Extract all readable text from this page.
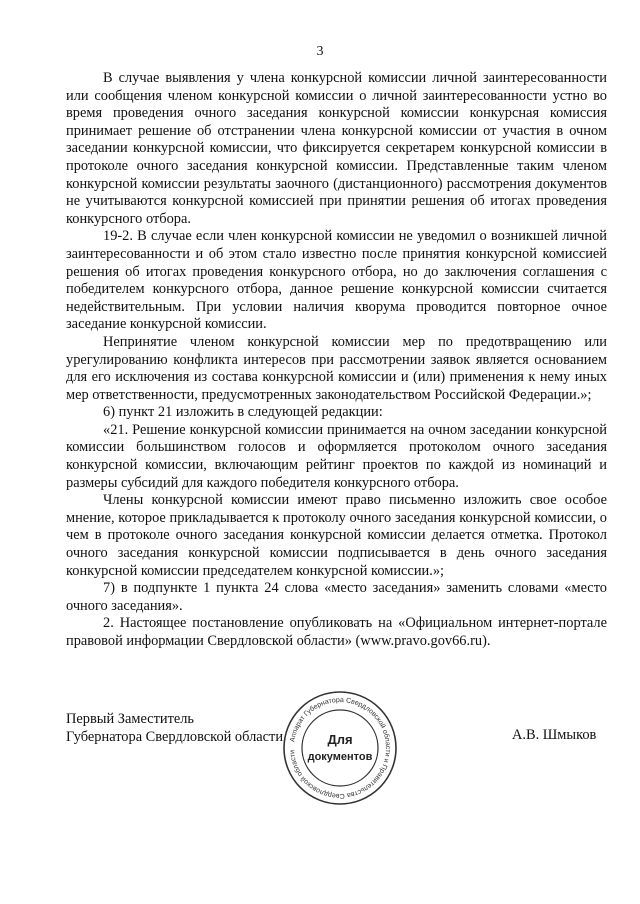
3

В случае выявления у члена конкурсной комиссии личной заинтересованности или сообщения членом конкурсной комиссии о личной заинтересованности устно во время проведения очного заседания конкурсной комиссии конкурсная комиссия принимает решение об отстранении члена конкурсной комиссии от участия в очном заседании конкурсной комиссии, что фиксируется секретарем конкурсной комиссии в протоколе очного заседания конкурсной комиссии. Представленные таким членом конкурсной комиссии результаты заочного (дистанционного) рассмотрения документов не учитываются конкурсной комиссией при принятии решения об итогах проведения конкурсного отбора.

19-2. В случае если член конкурсной комиссии не уведомил о возникшей личной заинтересованности и об этом стало известно после принятия конкурсной комиссией решения об итогах проведения конкурсного отбора, но до заключения соглашения с победителем конкурсного отбора, данное решение конкурсной комиссии считается недействительным. При условии наличия кворума проводится повторное очное заседание конкурсной комиссии.

Непринятие членом конкурсной комиссии мер по предотвращению или урегулированию конфликта интересов при рассмотрении заявок является основанием для его исключения из состава конкурсной комиссии и (или) применения к нему иных мер ответственности, предусмотренных законодательством Российской Федерации.»;

6) пункт 21 изложить в следующей редакции:

«21. Решение конкурсной комиссии принимается на очном заседании конкурсной комиссии большинством голосов и оформляется протоколом очного заседания конкурсной комиссии, включающим рейтинг проектов по каждой из номинаций и размеры субсидий для каждого победителя конкурсного отбора.

Члены конкурсной комиссии имеют право письменно изложить свое особое мнение, которое прикладывается к протоколу очного заседания конкурсной комиссии, о чем в протоколе очного заседания конкурсной комиссии делается отметка. Протокол очного заседания конкурсной комиссии подписывается в день очного заседания конкурсной комиссии председателем конкурсной комиссии.»;

7) в подпункте 1 пункта 24 слова «место заседания» заменить словами «место очного заседания».

2. Настоящее постановление опубликовать на «Официальном интернет-портале правовой информации Свердловской области» (www.pravo.gov66.ru).

Первый Заместитель
Губернатора Свердловской области	А.В. Шмыков
Аппарат Губернатора Свердловской области и Правительства Свердловской области
Для
документов
